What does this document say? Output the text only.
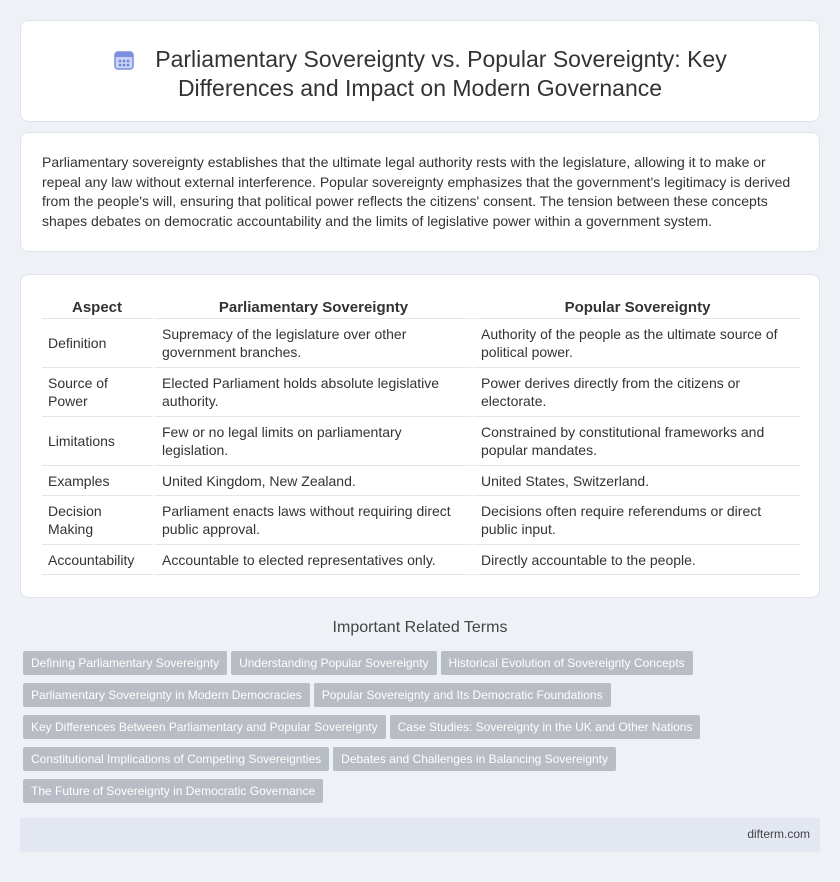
Parliamentary Sovereignty vs. Popular Sovereignty: Key
Differences and Impact on Modern Governance

Parliamentary sovereignty establishes that the ultimate legal authority rests with the legislature, allowing it to make or repeal any law without external interference. Popular sovereignty emphasizes that the government's legitimacy is derived from the people's will, ensuring that political power reflects the citizens' consent. The tension between these concepts shapes debates on democratic accountability and the limits of legislative power within a government system.

Aspect	Parliamentary Sovereignty	Popular Sovereignty
Definition	Supremacy of the legislature over other government branches.	Authority of the people as the ultimate source of political power.
Source of Power	Elected Parliament holds absolute legislative authority.	Power derives directly from the citizens or electorate.
Limitations	Few or no legal limits on parliamentary legislation.	Constrained by constitutional frameworks and popular mandates.
Examples	United Kingdom, New Zealand.	United States, Switzerland.
Decision Making	Parliament enacts laws without requiring direct public approval.	Decisions often require referendums or direct public input.
Accountability	Accountable to elected representatives only.	Directly accountable to the people.
Important Related Terms
Defining Parliamentary Sovereignty Understanding Popular Sovereignty Historical Evolution of Sovereignty Concepts
Parliamentary Sovereignty in Modern Democracies Popular Sovereignty and Its Democratic Foundations
Key Differences Between Parliamentary and Popular Sovereignty Case Studies: Sovereignty in the UK and Other Nations
Constitutional Implications of Competing Sovereignties Debates and Challenges in Balancing Sovereignty
The Future of Sovereignty in Democratic Governance
difterm.com
